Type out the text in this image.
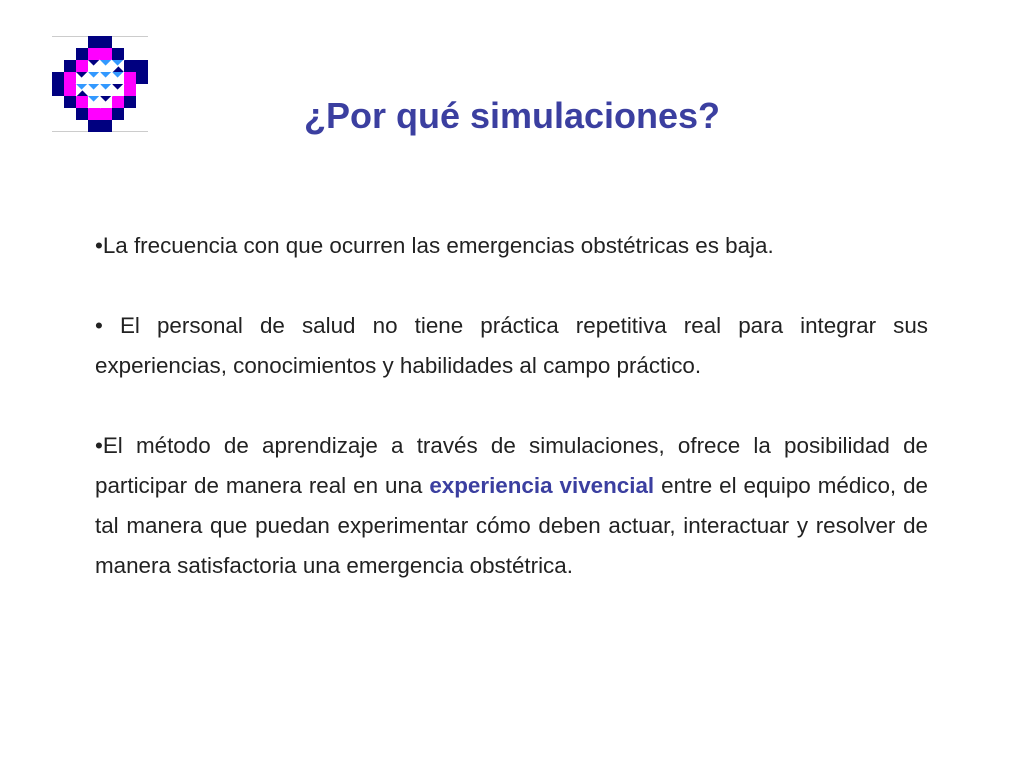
¿Por qué simulaciones?

•La frecuencia con que ocurren las emergencias obstétricas es baja.

• El personal de salud no tiene práctica repetitiva real para integrar sus experiencias, conocimientos y habilidades al campo práctico.

•El método de aprendizaje a través de simulaciones, ofrece la posibilidad de participar de manera real en una experiencia vivencial entre el equipo médico, de tal manera que puedan experimentar cómo deben actuar, interactuar y resolver de manera satisfactoria una emergencia obstétrica.
